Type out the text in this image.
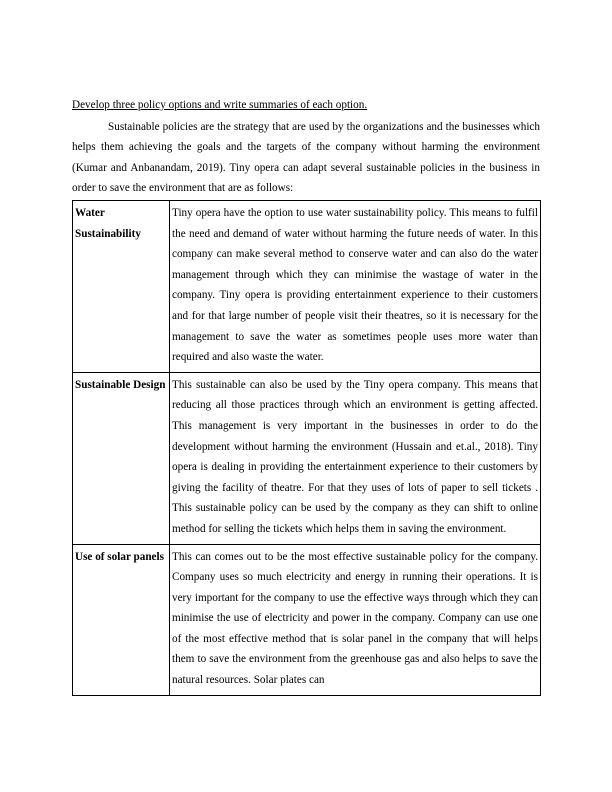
Develop three policy options and write summaries of each option.

Sustainable policies are the strategy that are used by the organizations and the businesses which helps them achieving the goals and the targets of the company without harming the environment (Kumar and Anbanandam, 2019). Tiny opera can adapt several sustainable policies in the business in order to save the environment that are as follows:

Water Sustainability	Tiny opera have the option to use water sustainability policy. This means to fulfil the need and demand of water without harming the future needs of water. In this company can make several method to conserve water and can also do the water management through which they can minimise the wastage of water in the company. Tiny opera is providing entertainment experience to their customers and for that large number of people visit their theatres, so it is necessary for the management to save the water as sometimes people uses more water than required and also waste the water.
Sustainable Design	This sustainable can also be used by the Tiny opera company. This means that reducing all those practices through which an environment is getting affected. This management is very important in the businesses in order to do the development without harming the environment (Hussain and et.al., 2018). Tiny opera is dealing in providing the entertainment experience to their customers by giving the facility of theatre. For that they uses of lots of paper to sell tickets . This sustainable policy can be used by the company as they can shift to online method for selling the tickets which helps them in saving the environment.
Use of solar panels	This can comes out to be the most effective sustainable policy for the company. Company uses so much electricity and energy in running their operations. It is very important for the company to use the effective ways through which they can minimise the use of electricity and power in the company. Company can use one of the most effective method that is solar panel in the company that will helps them to save the environment from the greenhouse gas and also helps to save the natural resources. Solar plates can
